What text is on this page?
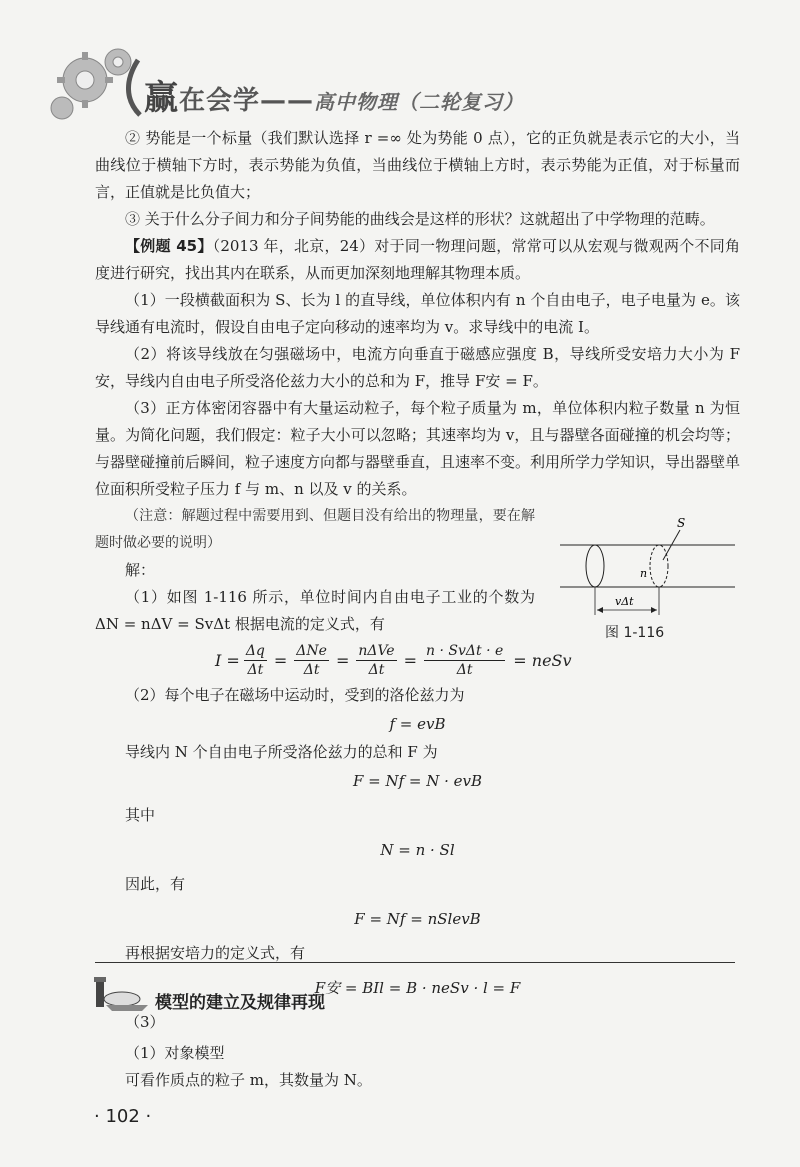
赢在会学——高中物理（二轮复习）

② 势能是一个标量（我们默认选择 r =∞ 处为势能 0 点），它的正负就是表示它的大小，当曲线位于横轴下方时，表示势能为负值，当曲线位于横轴上方时，表示势能为正值，对于标量而言，正值就是比负值大；

③ 关于什么分子间力和分子间势能的曲线会是这样的形状？这就超出了中学物理的范畴。

【例题 45】（2013 年，北京，24）对于同一物理问题，常常可以从宏观与微观两个不同角度进行研究，找出其内在联系，从而更加深刻地理解其物理本质。

（1）一段横截面积为 S、长为 l 的直导线，单位体积内有 n 个自由电子，电子电量为 e。该导线通有电流时，假设自由电子定向移动的速率均为 v。求导线中的电流 I。

（2）将该导线放在匀强磁场中，电流方向垂直于磁感应强度 B，导线所受安培力大小为 F安，导线内自由电子所受洛伦兹力大小的总和为 F，推导 F安 = F。

（3）正方体密闭容器中有大量运动粒子，每个粒子质量为 m，单位体积内粒子数量 n 为恒量。为简化问题，我们假定：粒子大小可以忽略；其速率均为 v，且与器壁各面碰撞的机会均等；与器壁碰撞前后瞬间，粒子速度方向都与器壁垂直，且速率不变。利用所学力学知识，导出器壁单位面积所受粒子压力 f 与 m、n 以及 v 的关系。

（注意：解题过程中需要用到、但题目没有给出的物理量，要在解题时做必要的说明）

解：

（1）如图 1-116 所示，单位时间内自由电子工业的个数为 ΔN = nΔV = SvΔt 根据电流的定义式，有

$I = \frac{\Delta q}{\Delta t} = \frac{\text{ΔNe}}{\Delta t} = \frac{\text{nΔVe}}{\Delta t} = \frac{\text{n · SvΔt · e}}{\Delta t}$ = neSv

（2）每个电子在磁场中运动时，受到的洛伦兹力为

f = evB

导线内 N 个自由电子所受洛伦兹力的总和 F 为

F = Nf = N · evB

其中

N = n · Sl

因此，有

F = Nf = nSlevB

再根据安培力的定义式，有

F安 = BIl = B · neSv · l = F

（3）

S
n
vΔt
图 1-116
模型的建立及规律再现

（1）对象模型

可看作质点的粒子 m，其数量为 N。

· 102 ·
